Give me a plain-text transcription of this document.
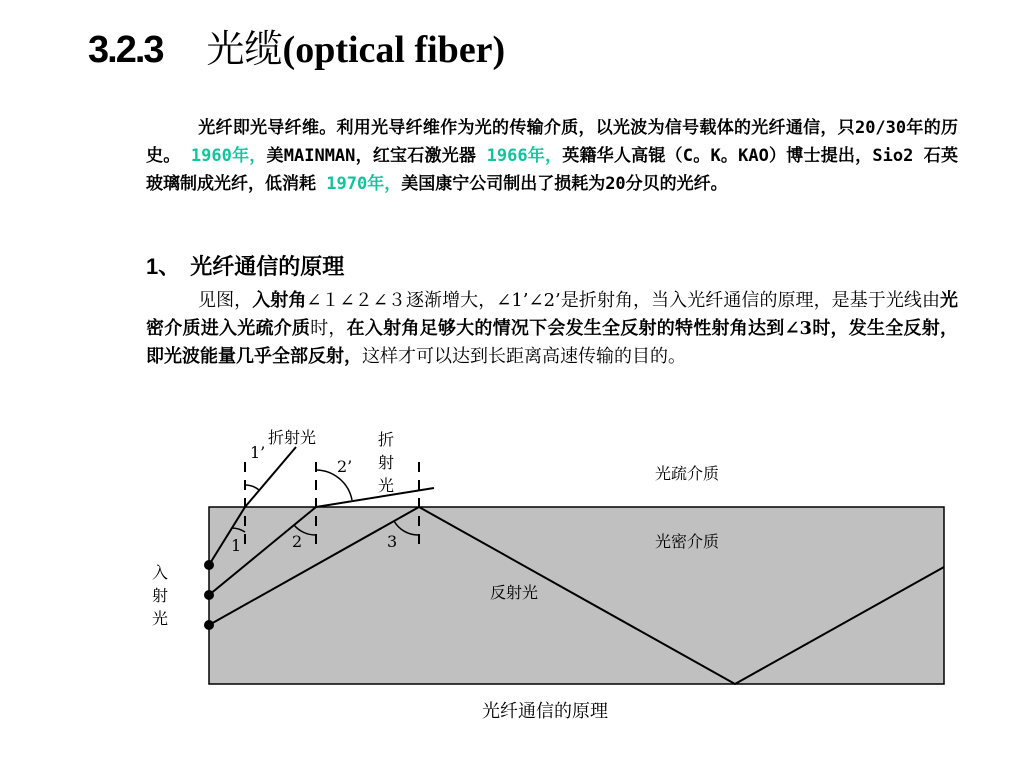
3.2.3 光缆(optical fiber)
光纤即光导纤维。利用光导纤维作为光的传输介质，以光波为信号载体的光纤通信，只20/30年的历史。 1960年，美MAINMAN，红宝石激光器 1966年，英籍华人高锟（C。K。KAO）博士提出，Sio2 石英玻璃制成光纤，低消耗 1970年，美国康宁公司制出了损耗为20分贝的光纤。
1、 光纤通信的原理
见图，入射角∠１∠２∠３逐渐增大，∠1’∠2’是折射角，当入光纤通信的原理，是基于光线由光密介质进入光疏介质时，在入射角足够大的情况下会发生全反射的特性射角达到∠3时，发生全反射，即光波能量几乎全部反射，这样才可以达到长距离高速传输的目的。
折射光	折
射
光
1’
2’
1	2	3
光疏介质
光密介质
入
射
光
反射光
光纤通信的原理
